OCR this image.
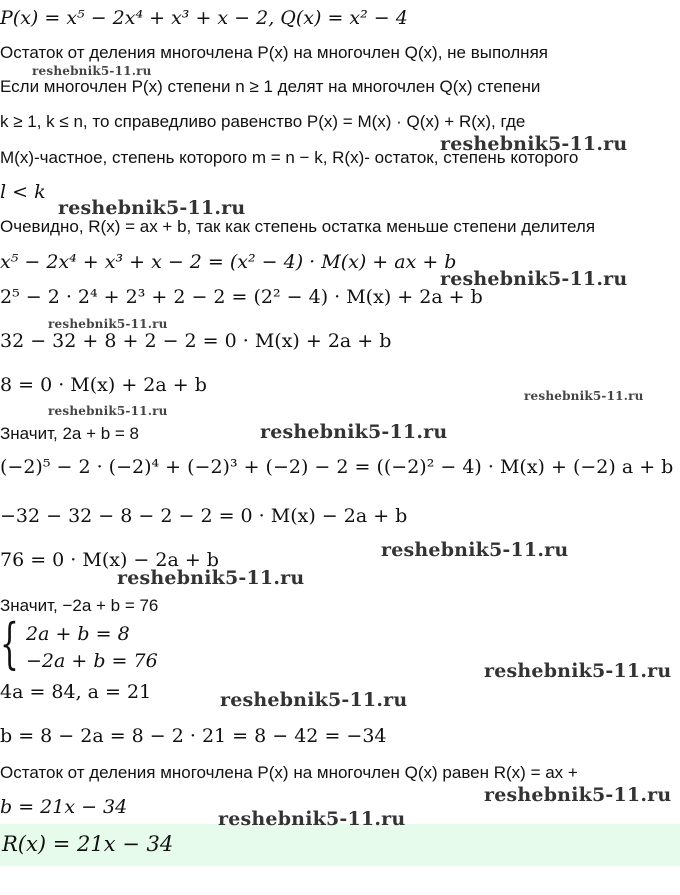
P(x) = x⁵ − 2x⁴ + x³ + x − 2, Q(x) = x² − 4
Остаток от деления многочлена P(x) на многочлен Q(x), не выполняя
Если многочлен P(x) степени n ≥ 1 делят на многочлен Q(x) степени
k ≥ 1, k ≤ n, то справедливо равенство P(x) = M(x) · Q(x) + R(x), где
M(x)-частное, степень которого m = n − k, R(x)- остаток, степень которого
l < k
Очевидно, R(x) = ax + b, так как степень остатка меньше степени делителя
x⁵ − 2x⁴ + x³ + x − 2 = (x² − 4) · M(x) + ax + b
2⁵ − 2 · 2⁴ + 2³ + 2 − 2 = (2² − 4) · M(x) + 2a + b
32 − 32 + 8 + 2 − 2 = 0 · M(x) + 2a + b
8 = 0 · M(x) + 2a + b
Значит, 2a + b = 8
(−2)⁵ − 2 · (−2)⁴ + (−2)³ + (−2) − 2 = ((−2)² − 4) · M(x) + (−2) a + b
−32 − 32 − 8 − 2 − 2 = 0 · M(x) − 2a + b
76 = 0 · M(x) − 2a + b
Значит, −2a + b = 76
{ 2a + b = 8
−2a + b = 76
4a = 84, a = 21
b = 8 − 2a = 8 − 2 · 21 = 8 − 42 = −34
Остаток от деления многочлена P(x) на многочлен Q(x) равен R(x) = ax +
b = 21x − 34
R(x) = 21x − 34
reshebnik5-11.ru
reshebnik5-11.ru
reshebnik5-11.ru
reshebnik5-11.ru
reshebnik5-11.ru
reshebnik5-11.ru
reshebnik5-11.ru
reshebnik5-11.ru
reshebnik5-11.ru
reshebnik5-11.ru
reshebnik5-11.ru
reshebnik5-11.ru
reshebnik5-11.ru
reshebnik5-11.ru
